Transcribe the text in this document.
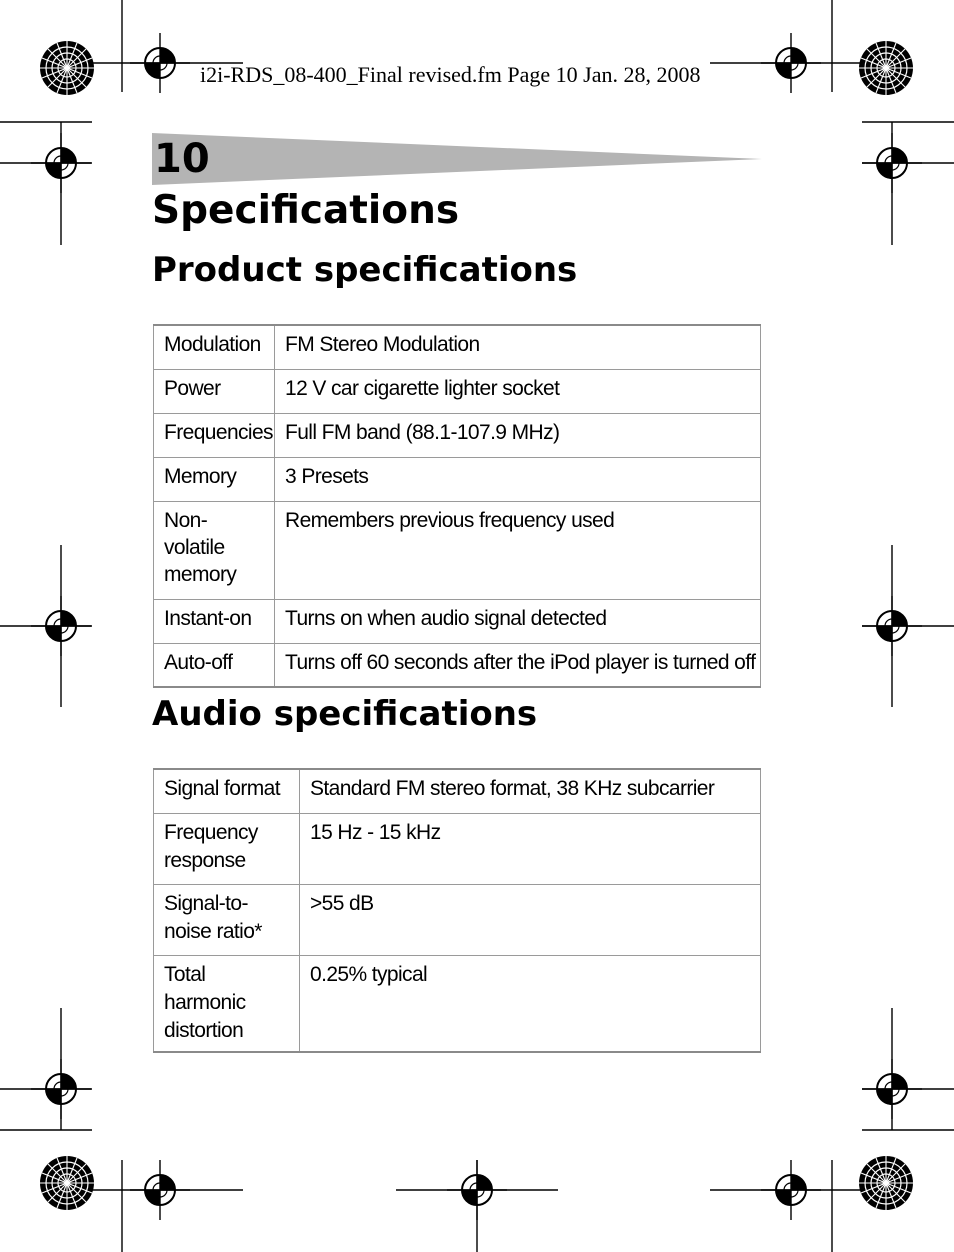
i2i-RDS_08-400_Final revised.fm Page 10 Jan. 28, 2008
10
Specifications
Product specifications
Modulation	FM Stereo Modulation
Power	12 V car cigarette lighter socket
Frequencies	Full FM band (88.1-107.9 MHz)
Memory	3 Presets
Non-volatile memory	Remembers previous frequency used
Instant-on	Turns on when audio signal detected
Auto-off	Turns off 60 seconds after the iPod player is turned off
Audio specifications
Signal format	Standard FM stereo format, 38 KHz subcarrier
Frequency response	15 Hz - 15 kHz
Signal-to-noise ratio*	>55 dB
Total harmonic distortion	0.25% typical
